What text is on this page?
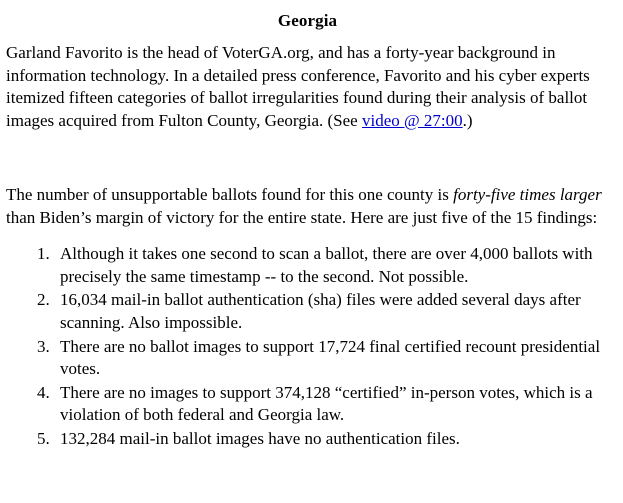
Georgia

Garland Favorito is the head of VoterGA.org, and has a forty-year background in information technology. In a detailed press conference, Favorito and his cyber experts itemized fifteen categories of ballot irregularities found during their analysis of ballot images acquired from Fulton County, Georgia. (See video @ 27:00.)

The number of unsupportable ballots found for this one county is forty-five times larger than Biden’s margin of victory for the entire state. Here are just five of the 15 findings:

1. Although it takes one second to scan a ballot, there are over 4,000 ballots with precisely the same timestamp -- to the second. Not possible.
2. 16,034 mail-in ballot authentication (sha) files were added several days after scanning. Also impossible.
3. There are no ballot images to support 17,724 final certified recount presidential votes.
4. There are no images to support 374,128 “certified” in-person votes, which is a violation of both federal and Georgia law.
5. 132,284 mail-in ballot images have no authentication files.
